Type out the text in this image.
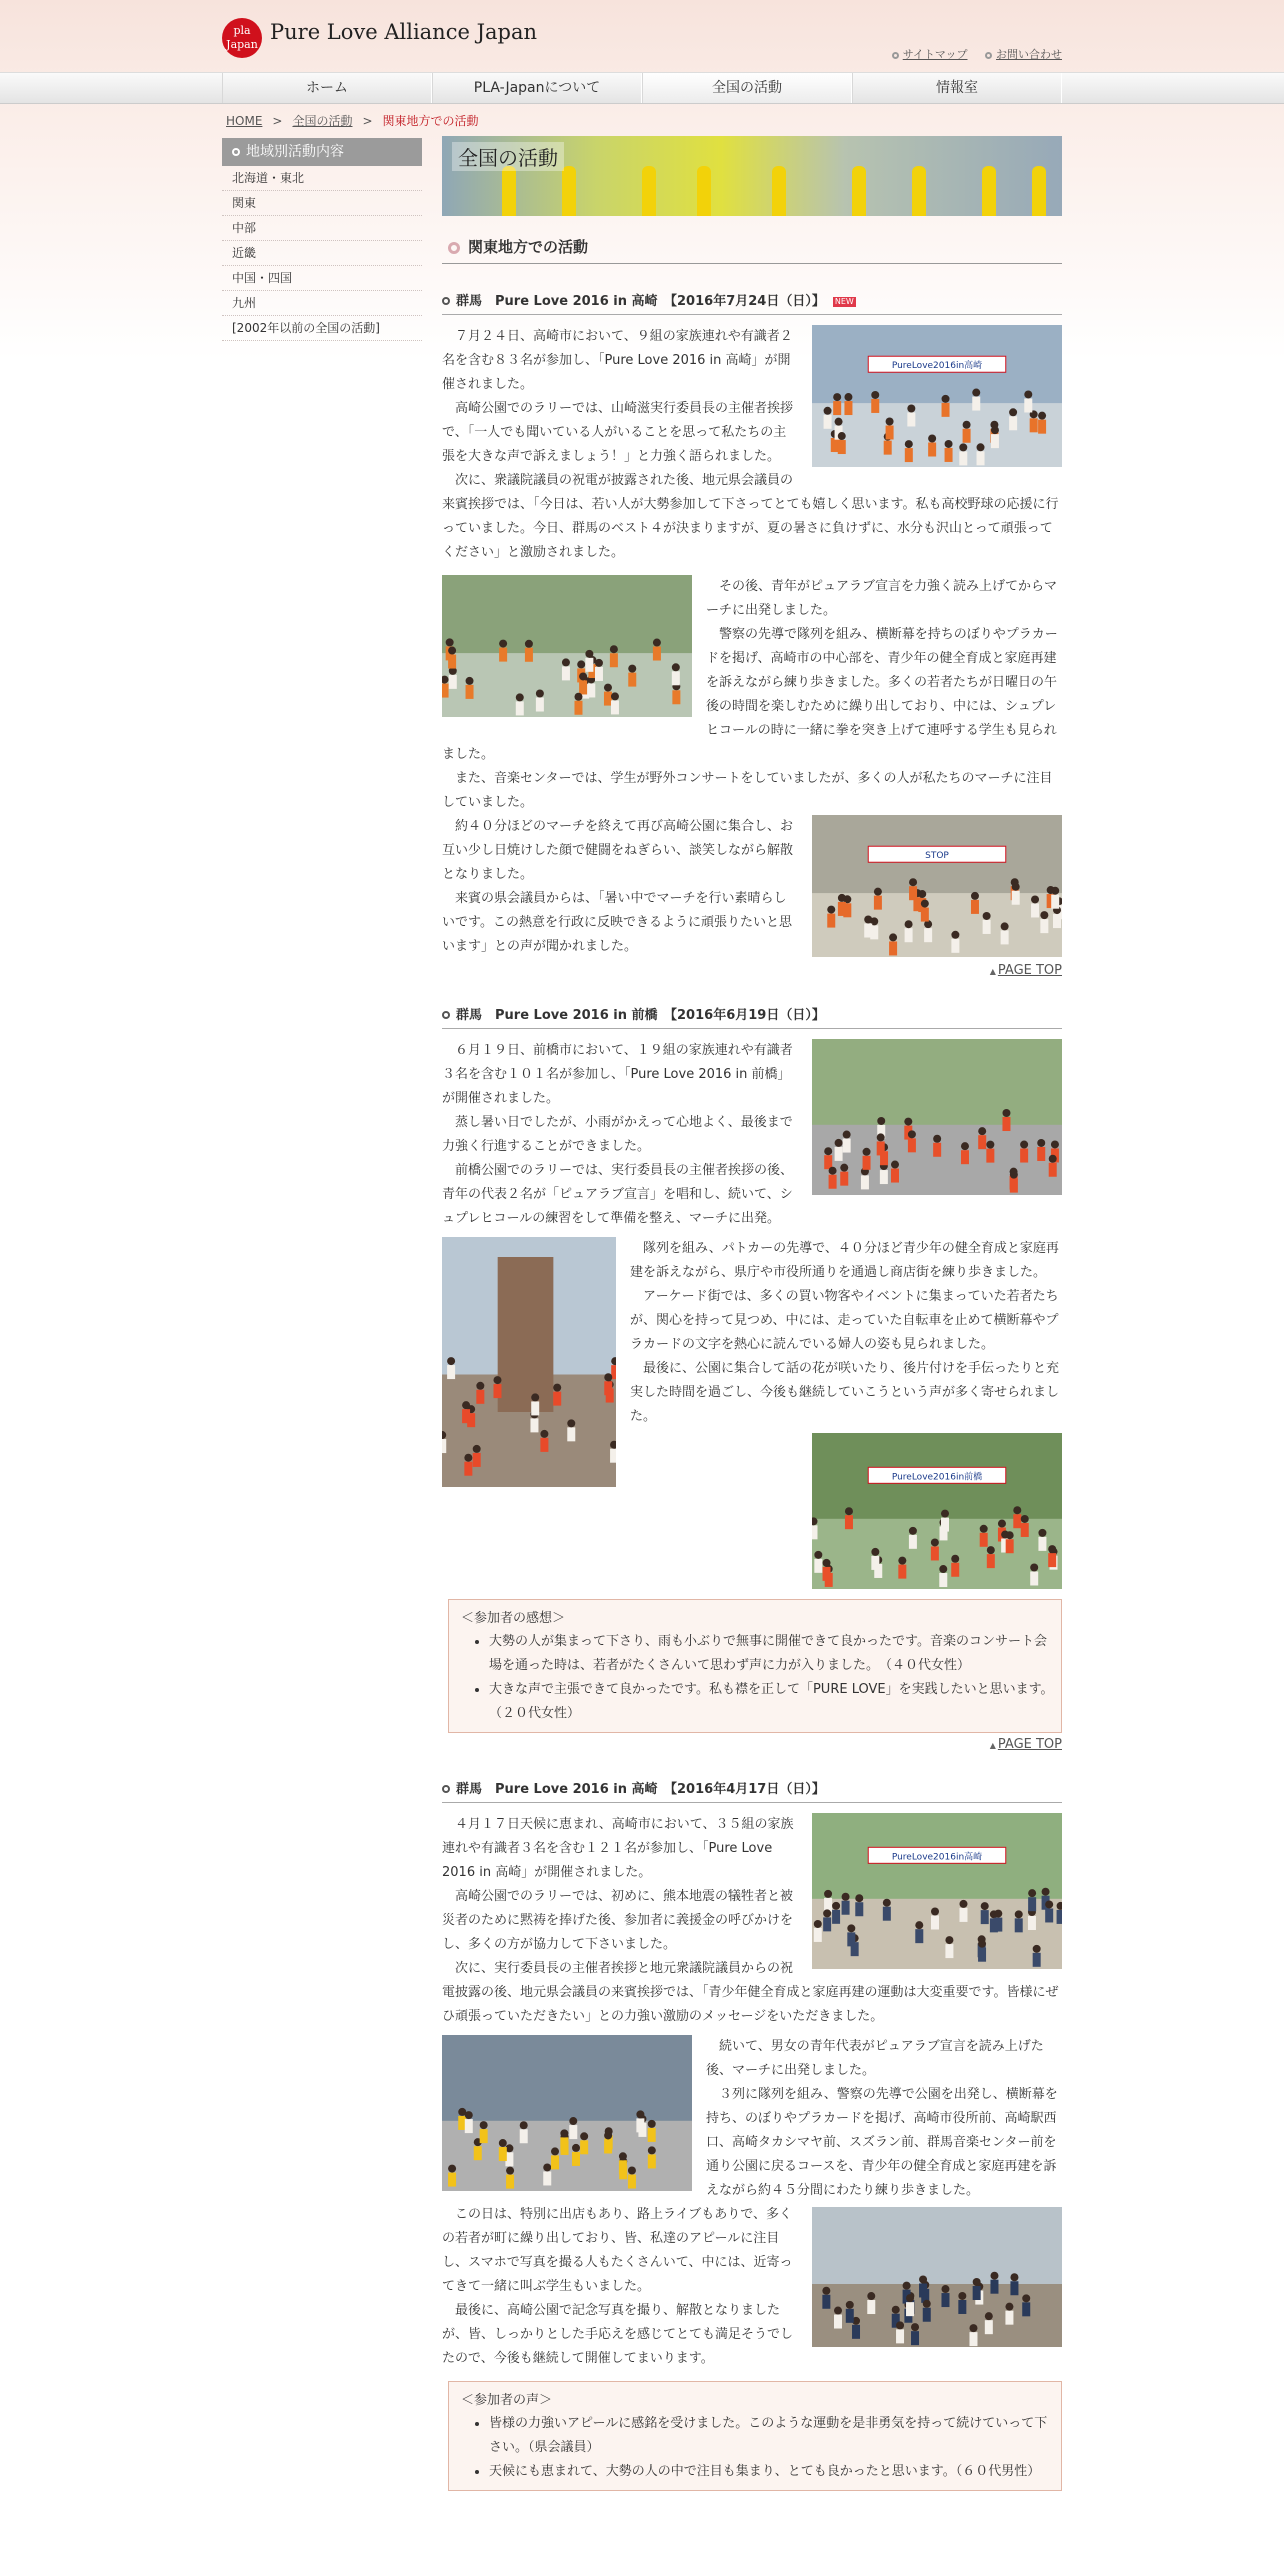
pla Japan
Pure Love Alliance Japan
サイトマップ	お問い合わせ
ホーム	PLA-Japanについて	全国の活動	情報室
HOME > 全国の活動 > 関東地方での活動
地域別活動内容
北海道・東北
関東
中部
近畿
中国・四国
九州
[2002年以前の全国の活動]
全国の活動
関東地方での活動
群馬　Pure Love 2016 in 高崎　【2016年7月24日（日）】 NEW
PureLove2016in高崎

７月２４日、高崎市において、９組の家族連れや有識者２名を含む８３名が参加し、「Pure Love 2016 in 高崎」が開催されました。

高崎公園でのラリーでは、山崎滋実行委員長の主催者挨拶で、「一人でも聞いている人がいることを思って私たちの主張を大きな声で訴えましょう！」と力強く語られました。

次に、衆議院議員の祝電が披露された後、地元県会議員の来賓挨拶では、「今日は、若い人が大勢参加して下さってとても嬉しく思います。私も高校野球の応援に行っていました。今日、群馬のベスト４が決まりますが、夏の暑さに負けずに、水分も沢山とって頑張ってください」と激励されました。

その後、青年がピュアラブ宣言を力強く読み上げてからマーチに出発しました。

警察の先導で隊列を組み、横断幕を持ちのぼりやプラカードを掲げ、高崎市の中心部を、青少年の健全育成と家庭再建を訴えながら練り歩きました。多くの若者たちが日曜日の午後の時間を楽しむために繰り出しており、中には、シュプレヒコールの時に一緒に拳を突き上げて連呼する学生も見られました。

また、音楽センターでは、学生が野外コンサートをしていましたが、多くの人が私たちのマーチに注目していました。

STOP

約４０分ほどのマーチを終えて再び高崎公園に集合し、お互い少し日焼けした顔で健闘をねぎらい、談笑しながら解散となりました。

来賓の県会議員からは、「暑い中でマーチを行い素晴らしいです。この熱意を行政に反映できるように頑張りたいと思います」との声が聞かれました。

▲ PAGE TOP
群馬　Pure Love 2016 in 前橋　【2016年6月19日（日）】

６月１９日、前橋市において、１９組の家族連れや有識者３名を含む１０１名が参加し、「Pure Love 2016 in 前橋」が開催されました。

蒸し暑い日でしたが、小雨がかえって心地よく、最後まで力強く行進することができました。

前橋公園でのラリーでは、実行委員長の主催者挨拶の後、青年の代表２名が「ピュアラブ宣言」を唱和し、続いて、シュプレヒコールの練習をして準備を整え、マーチに出発。

隊列を組み、パトカーの先導で、４０分ほど青少年の健全育成と家庭再建を訴えながら、県庁や市役所通りを通過し商店街を練り歩きました。

アーケード街では、多くの買い物客やイベントに集まっていた若者たちが、関心を持って見つめ、中には、走っていた自転車を止めて横断幕やプラカードの文字を熱心に読んでいる婦人の姿も見られました。

最後に、公園に集合して話の花が咲いたり、後片付けを手伝ったりと充実した時間を過ごし、今後も継続していこうという声が多く寄せられました。

PureLove2016in前橋
＜参加者の感想＞
• 大勢の人が集まって下さり、雨も小ぶりで無事に開催できて良かったです。音楽のコンサート会場を通った時は、若者がたくさんいて思わず声に力が入りました。　（４０代女性）
• 大きな声で主張できて良かったです。私も襟を正して「PURE LOVE」を実践したいと思います。　（２０代女性）
▲ PAGE TOP
群馬　Pure Love 2016 in 高崎　【2016年4月17日（日）】
PureLove2016in高崎

４月１７日天候に恵まれ、高崎市において、３５組の家族連れや有識者３名を含む１２１名が参加し、「Pure Love 2016 in 高崎」が開催されました。

高崎公園でのラリーでは、初めに、熊本地震の犠牲者と被災者のために黙祷を捧げた後、参加者に義援金の呼びかけをし、多くの方が協力して下さいました。

次に、実行委員長の主催者挨拶と地元衆議院議員からの祝電披露の後、地元県会議員の来賓挨拶では、「青少年健全育成と家庭再建の運動は大変重要です。皆様にぜひ頑張っていただきたい」との力強い激励のメッセージをいただきました。

続いて、男女の青年代表がピュアラブ宣言を読み上げた後、マーチに出発しました。

３列に隊列を組み、警察の先導で公園を出発し、横断幕を持ち、のぼりやプラカードを掲げ、高崎市役所前、高崎駅西口、高崎タカシマヤ前、スズラン前、群馬音楽センター前を通り公園に戻るコースを、青少年の健全育成と家庭再建を訴えながら約４５分間にわたり練り歩きました。

この日は、特別に出店もあり、路上ライブもありで、多くの若者が町に繰り出しており、皆、私達のアピールに注目し、スマホで写真を撮る人もたくさんいて、中には、近寄ってきて一緒に叫ぶ学生もいました。

最後に、高崎公園で記念写真を撮り、解散となりましたが、皆、しっかりとした手応えを感じてとても満足そうでしたので、今後も継続して開催してまいります。

＜参加者の声＞
• 皆様の力強いアピールに感銘を受けました。このような運動を是非勇気を持って続けていって下さい。（県会議員）
• 天候にも恵まれて、大勢の人の中で注目も集まり、とても良かったと思います。（６０代男性）
